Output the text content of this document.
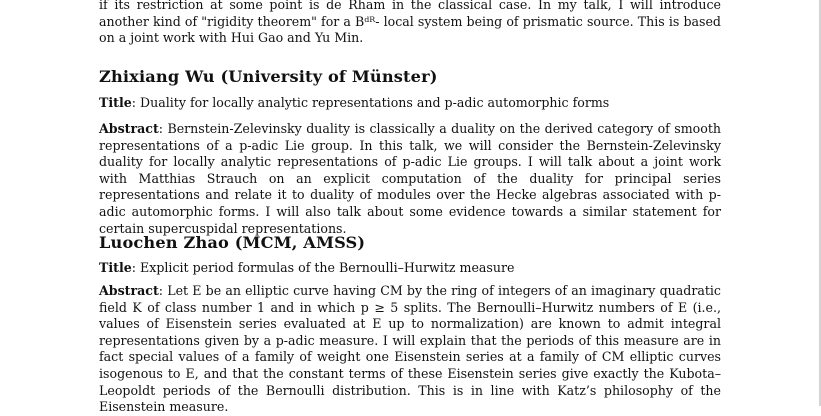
if its restriction at some point is de Rham in the classical case. In my talk, I will introduce another kind of "rigidity theorem" for a Bᵈᴿ- local system being of prismatic source. This is based on a joint work with Hui Gao and Yu Min.

Zhixiang Wu (University of Münster)

Title: Duality for locally analytic representations and p-adic automorphic forms

Abstract: Bernstein-Zelevinsky duality is classically a duality on the derived category of smooth representations of a p-adic Lie group. In this talk, we will consider the Bernstein-Zelevinsky duality for locally analytic representations of p-adic Lie groups. I will talk about a joint work with Matthias Strauch on an explicit computation of the duality for principal series representations and relate it to duality of modules over the Hecke algebras associated with p-adic automorphic forms. I will also talk about some evidence towards a similar statement for certain supercuspidal representations.

Luochen Zhao (MCM, AMSS)

Title: Explicit period formulas of the Bernoulli–Hurwitz measure

Abstract: Let E be an elliptic curve having CM by the ring of integers of an imaginary quadratic field K of class number 1 and in which p ≥ 5 splits. The Bernoulli–Hurwitz numbers of E (i.e., values of Eisenstein series evaluated at E up to normalization) are known to admit integral representations given by a p-adic measure. I will explain that the periods of this measure are in fact special values of a family of weight one Eisenstein series at a family of CM elliptic curves isogenous to E, and that the constant terms of these Eisenstein series give exactly the Kubota–Leopoldt periods of the Bernoulli distribution. This is in line with Katz’s philosophy of the Eisenstein measure.
